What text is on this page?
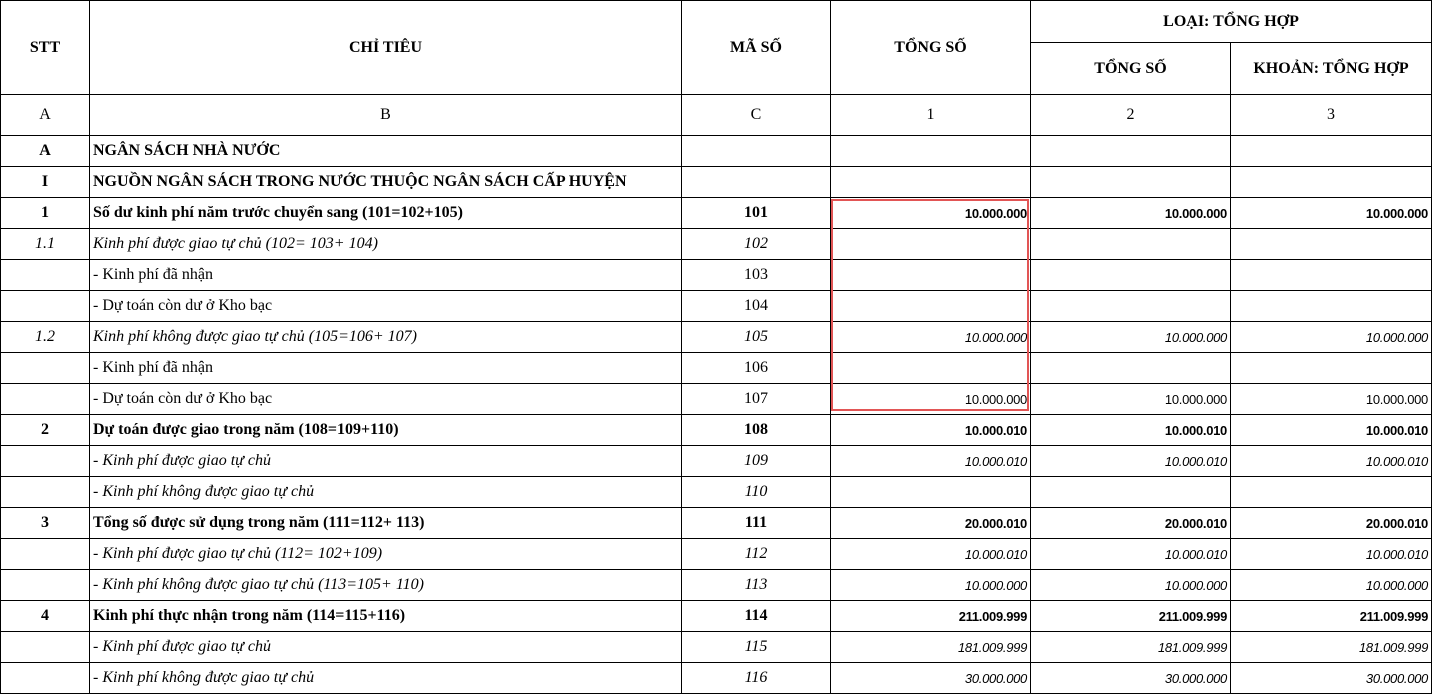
STT	CHỈ TIÊU	MÃ SỐ	TỔNG SỐ	LOẠI: TỔNG HỢP	
				TỔNG SỐ	KHOẢN: TỔNG HỢP
A	B	C	1	2	3
A	NGÂN SÁCH NHÀ NƯỚC				
I	NGUỒN NGÂN SÁCH TRONG NƯỚC THUỘC NGÂN SÁCH CẤP HUYỆN				
1	Số dư kinh phí năm trước chuyển sang (101=102+105)	101	10.000.000	10.000.000	10.000.000
1.1	Kinh phí được giao tự chủ (102= 103+ 104)	102			
	- Kinh phí đã nhận	103			
	- Dự toán còn dư ở Kho bạc	104			
1.2	Kinh phí không được giao tự chủ (105=106+ 107)	105	10.000.000	10.000.000	10.000.000
	- Kinh phí đã nhận	106			
	- Dự toán còn dư ở Kho bạc	107	10.000.000	10.000.000	10.000.000
2	Dự toán được giao trong năm (108=109+110)	108	10.000.010	10.000.010	10.000.010
	- Kinh phí được giao tự chủ	109	10.000.010	10.000.010	10.000.010
	- Kinh phí không được giao tự chủ	110			
3	Tổng số được sử dụng trong năm (111=112+ 113)	111	20.000.010	20.000.010	20.000.010
	- Kinh phí được giao tự chủ (112= 102+109)	112	10.000.010	10.000.010	10.000.010
	- Kinh phí không được giao tự chủ (113=105+ 110)	113	10.000.000	10.000.000	10.000.000
4	Kinh phí thực nhận trong năm (114=115+116)	114	211.009.999	211.009.999	211.009.999
	- Kinh phí được giao tự chủ	115	181.009.999	181.009.999	181.009.999
	- Kinh phí không được giao tự chủ	116	30.000.000	30.000.000	30.000.000
